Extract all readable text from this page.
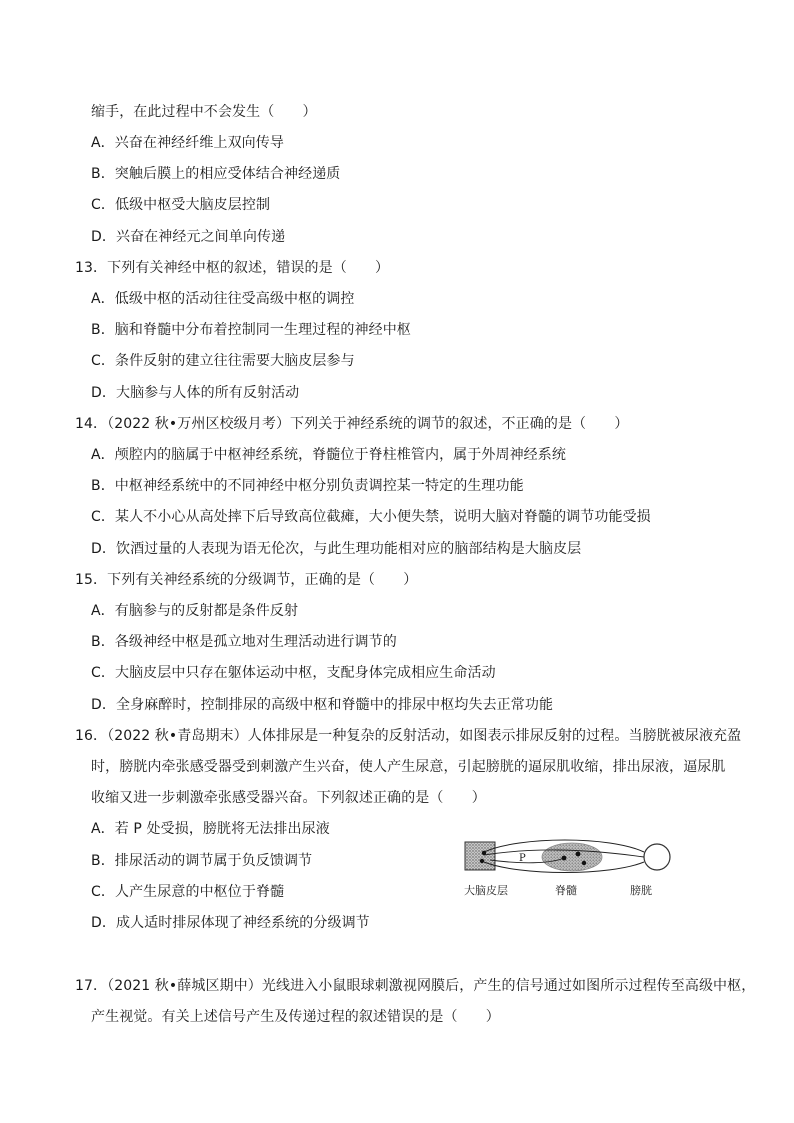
缩手，在此过程中不会发生（　　）
A．兴奋在神经纤维上双向传导
B．突触后膜上的相应受体结合神经递质
C．低级中枢受大脑皮层控制
D．兴奋在神经元之间单向传递
13．下列有关神经中枢的叙述，错误的是（　　）
A．低级中枢的活动往往受高级中枢的调控
B．脑和脊髓中分布着控制同一生理过程的神经中枢
C．条件反射的建立往往需要大脑皮层参与
D．大脑参与人体的所有反射活动
14．（2022 秋•万州区校级月考）下列关于神经系统的调节的叙述，不正确的是（　　）
A．颅腔内的脑属于中枢神经系统，脊髓位于脊柱椎管内，属于外周神经系统
B．中枢神经系统中的不同神经中枢分别负责调控某一特定的生理功能
C．某人不小心从高处摔下后导致高位截瘫，大小便失禁，说明大脑对脊髓的调节功能受损
D．饮酒过量的人表现为语无伦次，与此生理功能相对应的脑部结构是大脑皮层
15．下列有关神经系统的分级调节，正确的是（　　）
A．有脑参与的反射都是条件反射
B．各级神经中枢是孤立地对生理活动进行调节的
C．大脑皮层中只存在躯体运动中枢，支配身体完成相应生命活动
D．全身麻醉时，控制排尿的高级中枢和脊髓中的排尿中枢均失去正常功能
16．（2022 秋•青岛期末）人体排尿是一种复杂的反射活动，如图表示排尿反射的过程。当膀胱被尿液充盈
时，膀胱内牵张感受器受到刺激产生兴奋，使人产生尿意，引起膀胱的逼尿肌收缩，排出尿液，逼尿肌
收缩又进一步刺激牵张感受器兴奋。下列叙述正确的是（　　）
A．若 P 处受损，膀胱将无法排出尿液
B．排尿活动的调节属于负反馈调节
C．人产生尿意的中枢位于脊髓
D．成人适时排尿体现了神经系统的分级调节
P
大脑皮层	脊髓	膀胱
17．（2021 秋•薛城区期中）光线进入小鼠眼球刺激视网膜后，产生的信号通过如图所示过程传至高级中枢，
产生视觉。有关上述信号产生及传递过程的叙述错误的是（　　）
